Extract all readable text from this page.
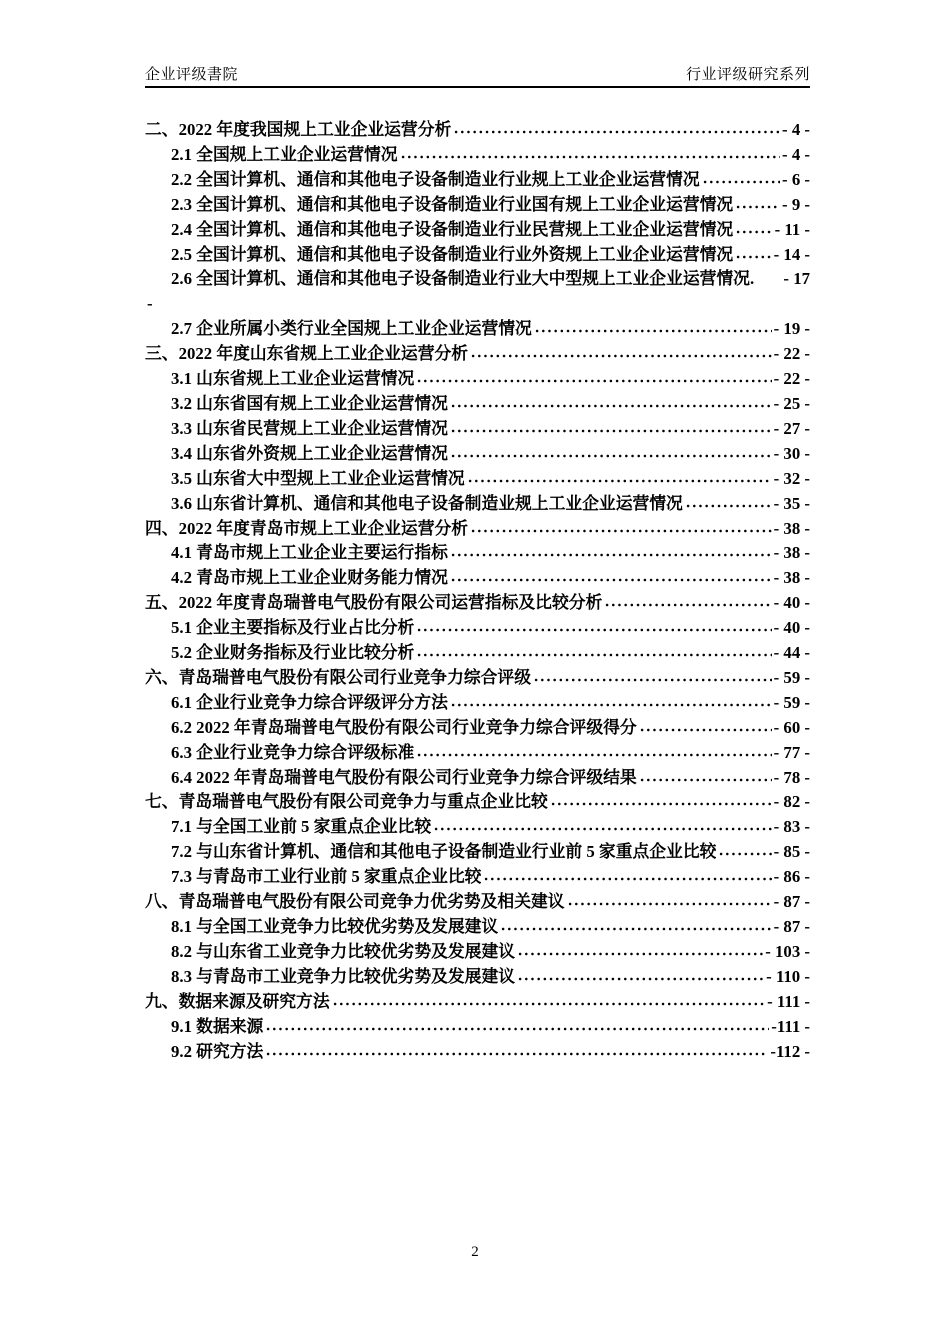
企业评级書院	行业评级研究系列
二、2022 年度我国规上工业企业运营分析	- 4 -
2.1 全国规上工业企业运营情况	- 4 -
2.2 全国计算机、通信和其他电子设备制造业行业规上工业企业运营情况	- 6 -
2.3 全国计算机、通信和其他电子设备制造业行业国有规上工业企业运营情况	- 9 -
2.4 全国计算机、通信和其他电子设备制造业行业民营规上工业企业运营情况 - 11 -
2.5 全国计算机、通信和其他电子设备制造业行业外资规上工业企业运营情况 - 14 -
2.6 全国计算机、通信和其他电子设备制造业行业大中型规上工业企业运营情况. - 17
-
2.7 企业所属小类行业全国规上工业企业运营情况	- 19 -
三、2022 年度山东省规上工业企业运营分析	- 22 -
3.1 山东省规上工业企业运营情况	- 22 -
3.2 山东省国有规上工业企业运营情况	- 25 -
3.3 山东省民营规上工业企业运营情况	- 27 -
3.4 山东省外资规上工业企业运营情况	- 30 -
3.5 山东省大中型规上工业企业运营情况	- 32 -
3.6 山东省计算机、通信和其他电子设备制造业规上工业企业运营情况	- 35 -
四、2022 年度青岛市规上工业企业运营分析	- 38 -
4.1 青岛市规上工业企业主要运行指标	- 38 -
4.2 青岛市规上工业企业财务能力情况	- 38 -
五、2022 年度青岛瑞普电气股份有限公司运营指标及比较分析	- 40 -
5.1 企业主要指标及行业占比分析	- 40 -
5.2 企业财务指标及行业比较分析	- 44 -
六、青岛瑞普电气股份有限公司行业竞争力综合评级	- 59 -
6.1 企业行业竞争力综合评级评分方法	- 59 -
6.2 2022 年青岛瑞普电气股份有限公司行业竞争力综合评级得分	- 60 -
6.3 企业行业竞争力综合评级标准	- 77 -
6.4 2022 年青岛瑞普电气股份有限公司行业竞争力综合评级结果	- 78 -
七、青岛瑞普电气股份有限公司竞争力与重点企业比较	- 82 -
7.1 与全国工业前 5 家重点企业比较	- 83 -
7.2 与山东省计算机、通信和其他电子设备制造业行业前 5 家重点企业比较	- 85 -
7.3 与青岛市工业行业前 5 家重点企业比较	- 86 -
八、青岛瑞普电气股份有限公司竞争力优劣势及相关建议	- 87 -
8.1 与全国工业竞争力比较优劣势及发展建议	- 87 -
8.2 与山东省工业竞争力比较优劣势及发展建议	- 103 -
8.3 与青岛市工业竞争力比较优劣势及发展建议	- 110 -
九、数据来源及研究方法	- 111 -
9.1 数据来源	-111 -
9.2 研究方法	-112 -
2
